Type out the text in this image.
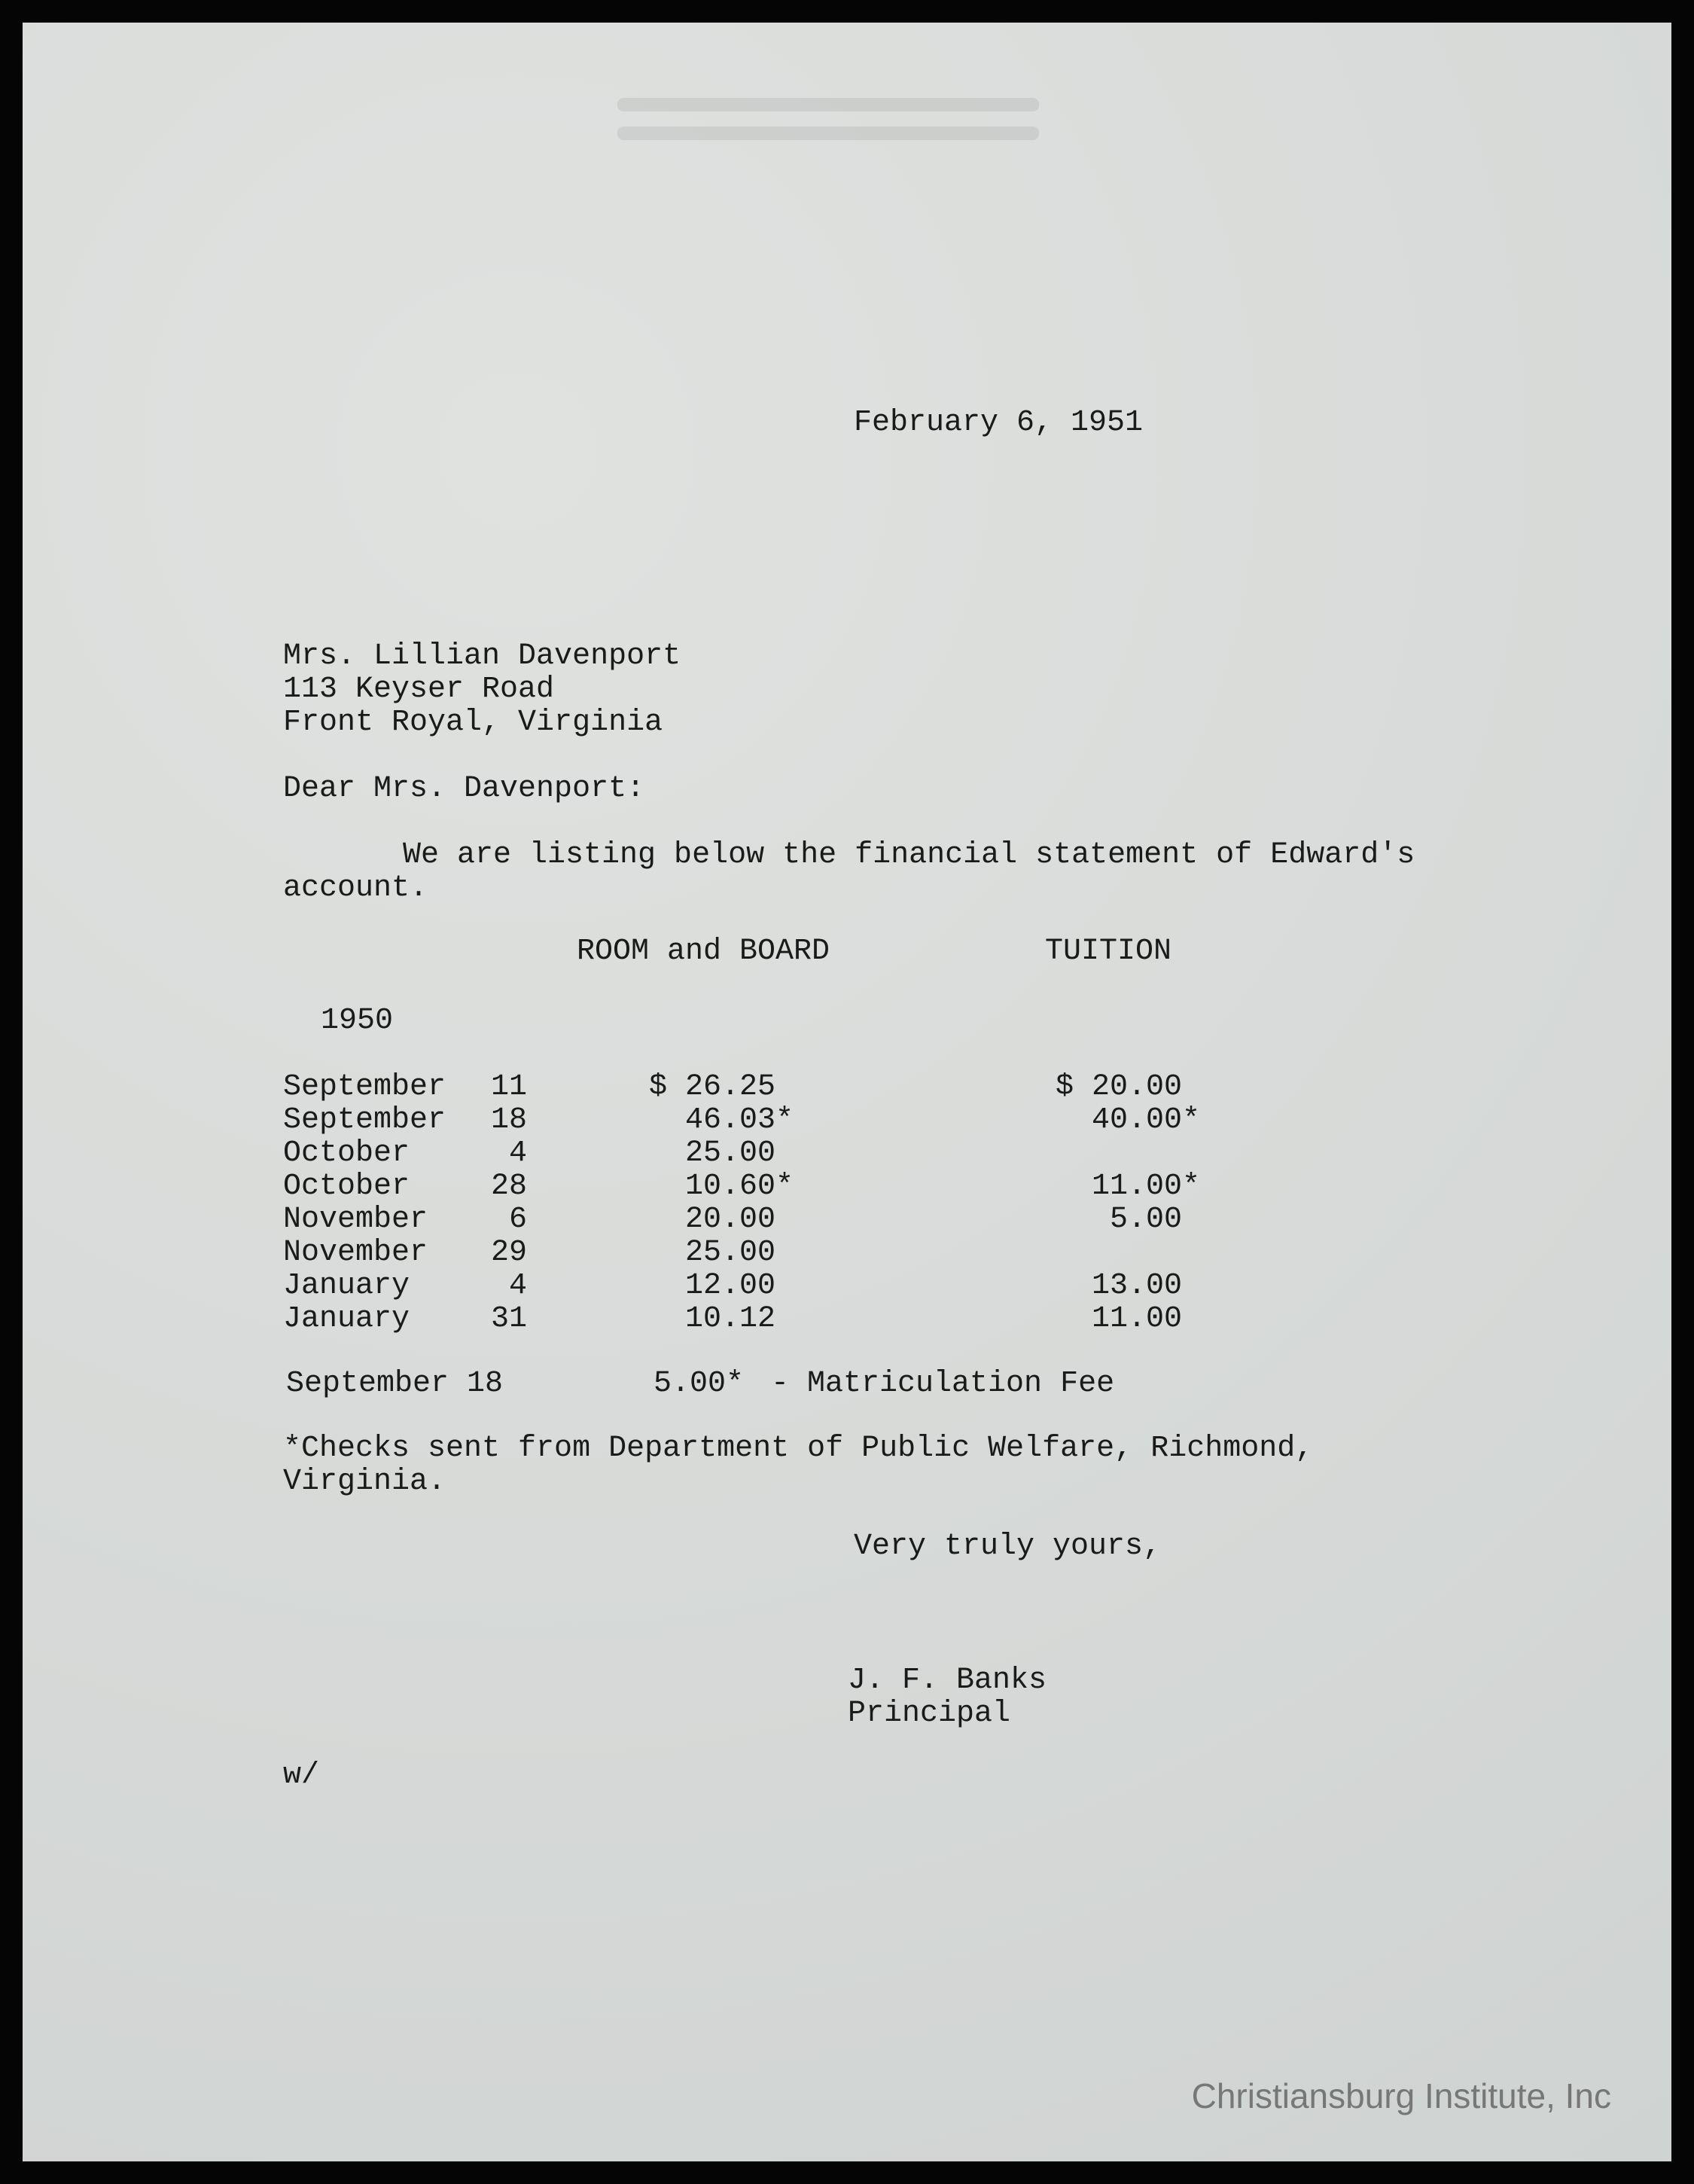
February 6, 1951
Mrs. Lillian Davenport
113 Keyser Road
Front Royal, Virginia
Dear Mrs. Davenport:
We are listing below the financial statement of Edward's
account.
ROOM and BOARD	TUITION
1950
September	11	$ 26.25	$ 20.00
September	18	46.03*	40.00*
October	4	25.00
October	28	10.60*	11.00*
November	6	20.00	5.00
November	29	25.00
January	4	12.00	13.00
January	31	10.12	11.00
September 18	5.00* - Matriculation Fee
*Checks sent from Department of Public Welfare, Richmond,
Virginia.
Very truly yours,
J. F. Banks
Principal
w/
Christiansburg Institute, Inc
